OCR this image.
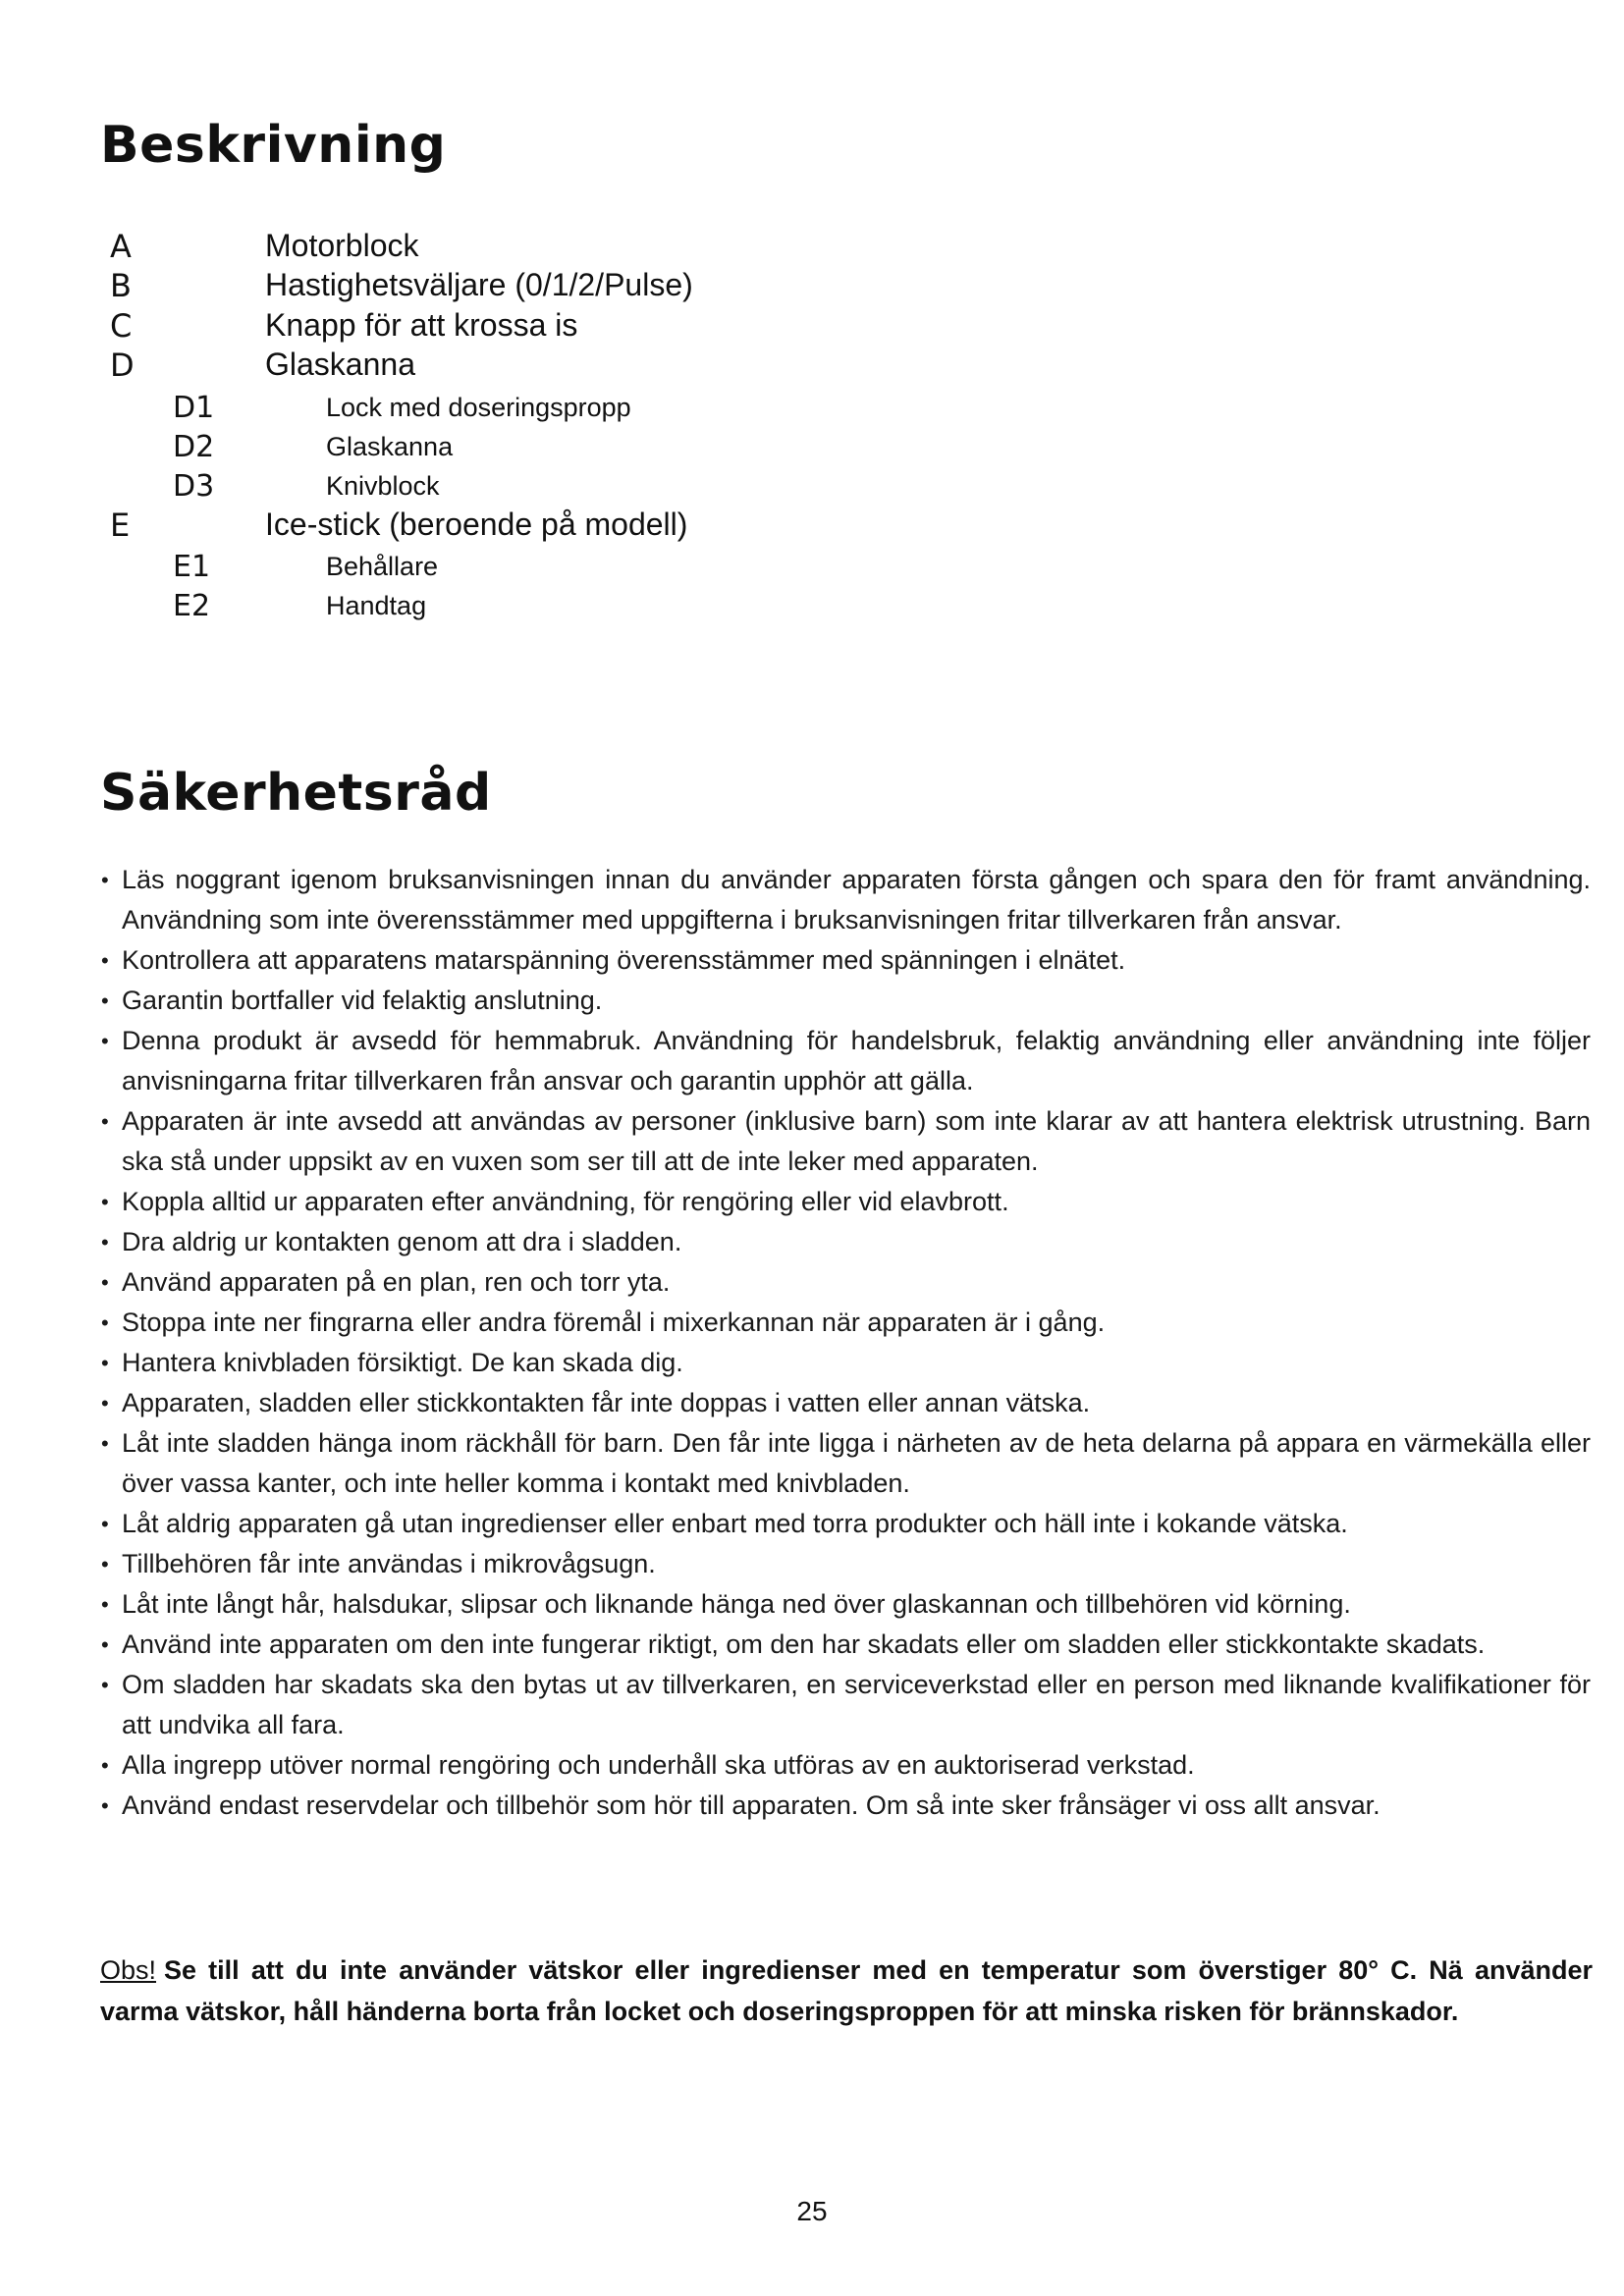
Beskrivning
A	Motorblock
B	Hastighetsväljare (0/1/2/Pulse)
C	Knapp för att krossa is
D	Glaskanna
D1	Lock med doseringspropp
D2	Glaskanna
D3	Knivblock
E	Ice-stick (beroende på modell)
E1	Behållare
E2	Handtag
Säkerhetsråd
• Läs noggrant igenom bruksanvisningen innan du använder apparaten första gången och spara den för framt användning. Användning som inte överensstämmer med uppgifterna i bruksanvisningen fritar tillverkaren från ansvar.
• Kontrollera att apparatens matarspänning överensstämmer med spänningen i elnätet.
• Garantin bortfaller vid felaktig anslutning.
• Denna produkt är avsedd för hemmabruk. Användning för handelsbruk, felaktig användning eller användning inte följer anvisningarna fritar tillverkaren från ansvar och garantin upphör att gälla.
• Apparaten är inte avsedd att användas av personer (inklusive barn) som inte klarar av att hantera elektrisk utrustning. Barn ska stå under uppsikt av en vuxen som ser till att de inte leker med apparaten.
• Koppla alltid ur apparaten efter användning, för rengöring eller vid elavbrott.
• Dra aldrig ur kontakten genom att dra i sladden.
• Använd apparaten på en plan, ren och torr yta.
• Stoppa inte ner fingrarna eller andra föremål i mixerkannan när apparaten är i gång.
• Hantera knivbladen försiktigt. De kan skada dig.
• Apparaten, sladden eller stickkontakten får inte doppas i vatten eller annan vätska.
• Låt inte sladden hänga inom räckhåll för barn. Den får inte ligga i närheten av de heta delarna på appara en värmekälla eller över vassa kanter, och inte heller komma i kontakt med knivbladen.
• Låt aldrig apparaten gå utan ingredienser eller enbart med torra produkter och häll inte i kokande vätska.
• Tillbehören får inte användas i mikrovågsugn.
• Låt inte långt hår, halsdukar, slipsar och liknande hänga ned över glaskannan och tillbehören vid körning.
• Använd inte apparaten om den inte fungerar riktigt, om den har skadats eller om sladden eller stickkontakte skadats.
• Om sladden har skadats ska den bytas ut av tillverkaren, en serviceverkstad eller en person med liknande kvalifikationer för att undvika all fara.
• Alla ingrepp utöver normal rengöring och underhåll ska utföras av en auktoriserad verkstad.
• Använd endast reservdelar och tillbehör som hör till apparaten. Om så inte sker frånsäger vi oss allt ansvar.
Obs! Se till att du inte använder vätskor eller ingredienser med en temperatur som överstiger 80° C. Nä använder varma vätskor, håll händerna borta från locket och doseringsproppen för att minska risken för brännskador.
25
